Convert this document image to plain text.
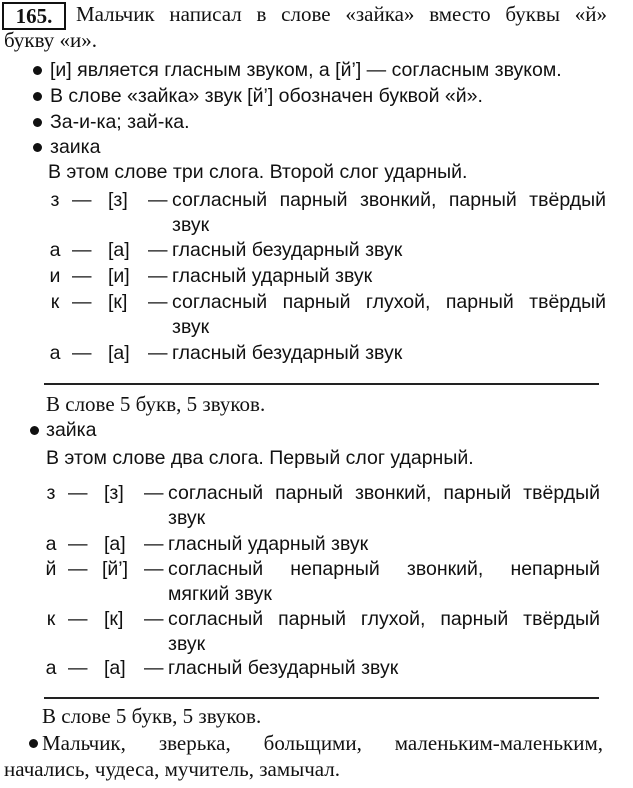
165.	Мальчик написал в слове «зайка» вместо буквы «й»
букву «и».
[и] является гласным звуком, а [й’] — согласным звуком.
В слове «зайка» звук [й’] обозначен буквой «й».
За-и-ка; зай-ка.
заика
В этом слове три слога. Второй слог ударный.
з — [з] — согласный парный звонкий, парный твёрдый
звук
а — [а] — гласный безударный звук
и — [и] — гласный ударный звук
к — [к] — согласный парный глухой, парный твёрдый
звук
а — [а] — гласный безударный звук
В слове 5 букв, 5 звуков.
зайка
В этом слове два слога. Первый слог ударный.
з — [з] — согласный парный звонкий, парный твёрдый
звук
а — [а] — гласный ударный звук
й — [й’] — согласный непарный звонкий, непарный
мягкий звук
к — [к] — согласный парный глухой, парный твёрдый
звук
а — [а] — гласный безударный звук
В слове 5 букв, 5 звуков.
Мальчик, зверька, больщими, маленьким-маленьким,
начались, чудеса, мучитель, замычал.
